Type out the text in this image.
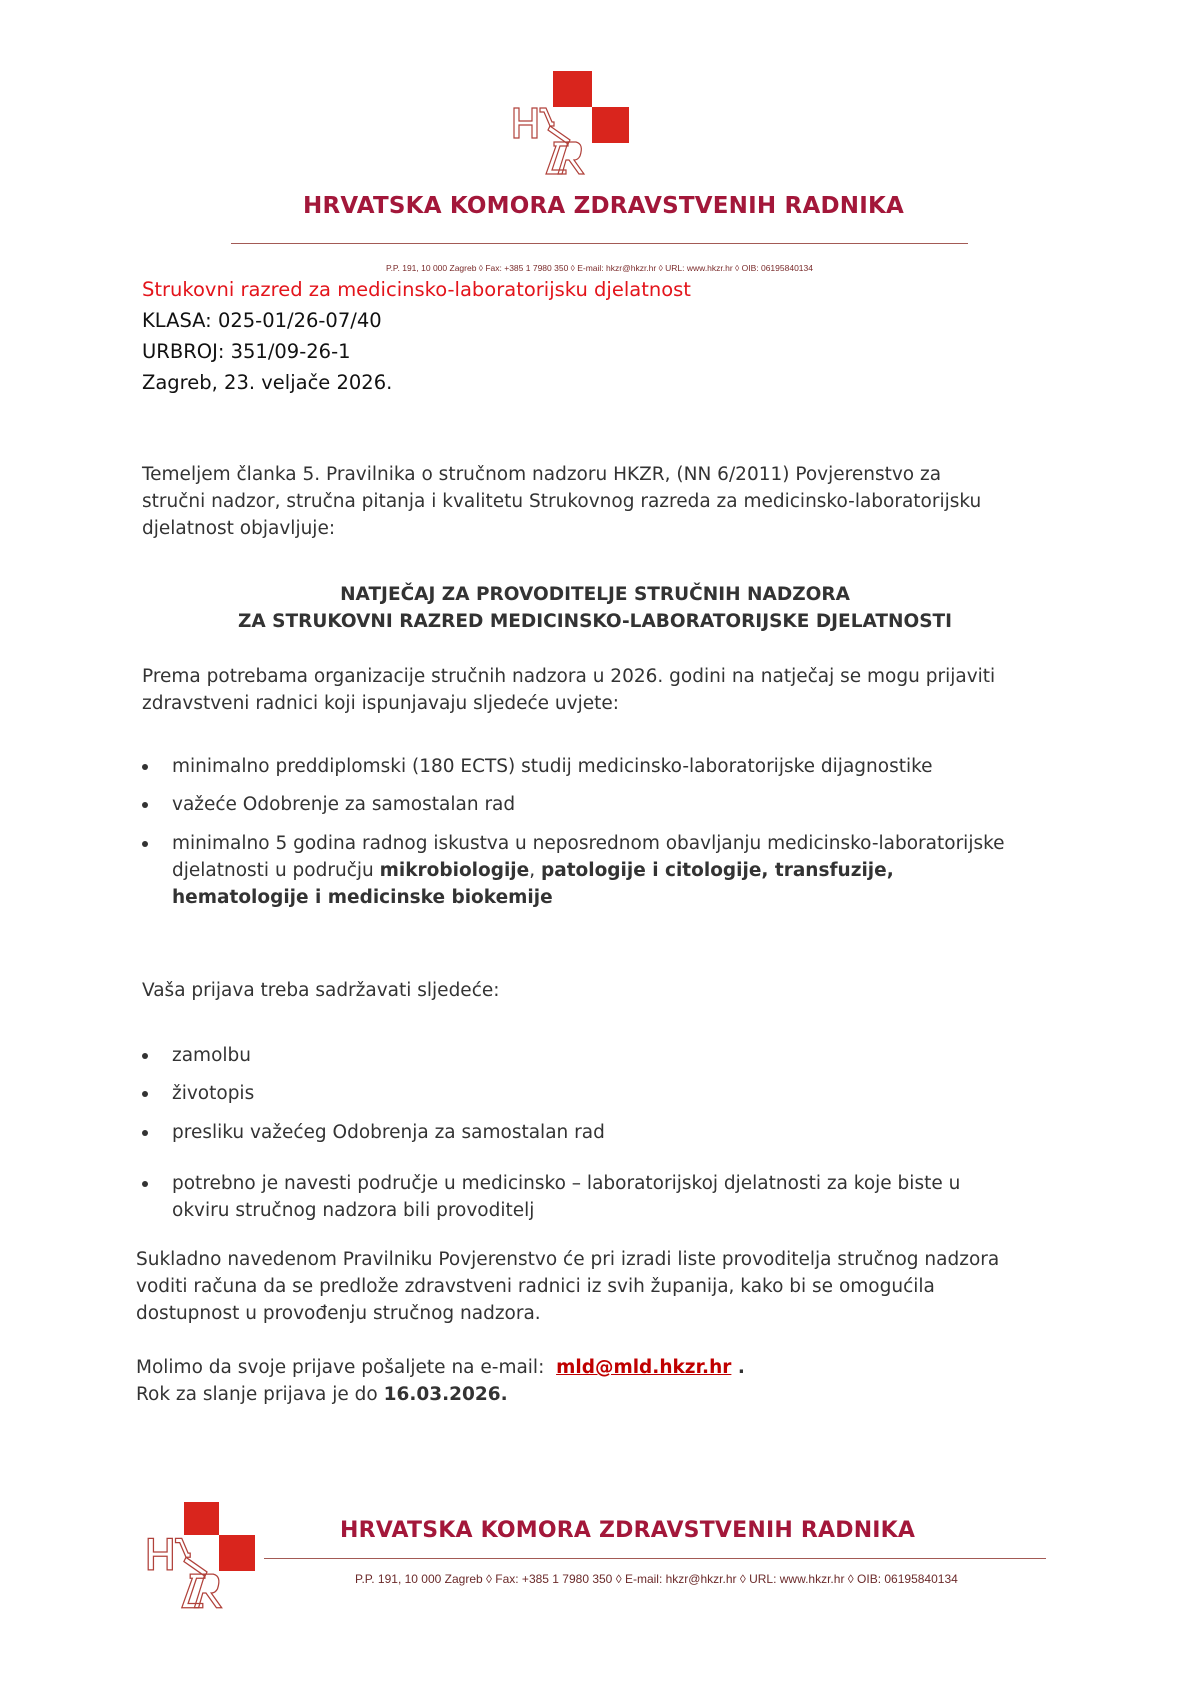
HRVATSKA KOMORA ZDRAVSTVENIH RADNIKA
P.P. 191, 10 000 Zagreb ◊ Fax: +385 1 7980 350 ◊ E-mail: hkzr@hkzr.hr ◊ URL: www.hkzr.hr ◊ OIB: 06195840134
Strukovni razred za medicinsko-laboratorijsku djelatnost
KLASA: 025-01/26-07/40
URBROJ: 351/09-26-1
Zagreb, 23. veljače 2026.
Temeljem članka 5. Pravilnika o stručnom nadzoru HKZR, (NN 6/2011) Povjerenstvo za
stručni nadzor, stručna pitanja i kvalitetu Strukovnog razreda za medicinsko-laboratorijsku
djelatnost objavljuje:
NATJEČAJ ZA PROVODITELJE STRUČNIH NADZORA
ZA STRUKOVNI RAZRED MEDICINSKO-LABORATORIJSKE DJELATNOSTI
Prema potrebama organizacije stručnih nadzora u 2026. godini na natječaj se mogu prijaviti
zdravstveni radnici koji ispunjavaju sljedeće uvjete:
minimalno preddiplomski (180 ECTS) studij medicinsko-laboratorijske dijagnostike
važeće Odobrenje za samostalan rad
minimalno 5 godina radnog iskustva u neposrednom obavljanju medicinsko-laboratorijske
djelatnosti u području mikrobiologije, patologije i citologije, transfuzije,
hematologije i medicinske biokemije
Vaša prijava treba sadržavati sljedeće:
zamolbu
životopis
presliku važećeg Odobrenja za samostalan rad
potrebno je navesti područje u medicinsko – laboratorijskoj djelatnosti za koje biste u
okviru stručnog nadzora bili provoditelj
Sukladno navedenom Pravilniku Povjerenstvo će pri izradi liste provoditelja stručnog nadzora
voditi računa da se predlože zdravstveni radnici iz svih županija, kako bi se omogućila
dostupnost u provođenju stručnog nadzora.
Molimo da svoje prijave pošaljete na e-mail:  mld@mld.hkzr.hr .
Rok za slanje prijava je do 16.03.2026.
HRVATSKA KOMORA ZDRAVSTVENIH RADNIKA
P.P. 191, 10 000 Zagreb ◊ Fax: +385 1 7980 350 ◊ E-mail: hkzr@hkzr.hr ◊ URL: www.hkzr.hr ◊ OIB: 06195840134
